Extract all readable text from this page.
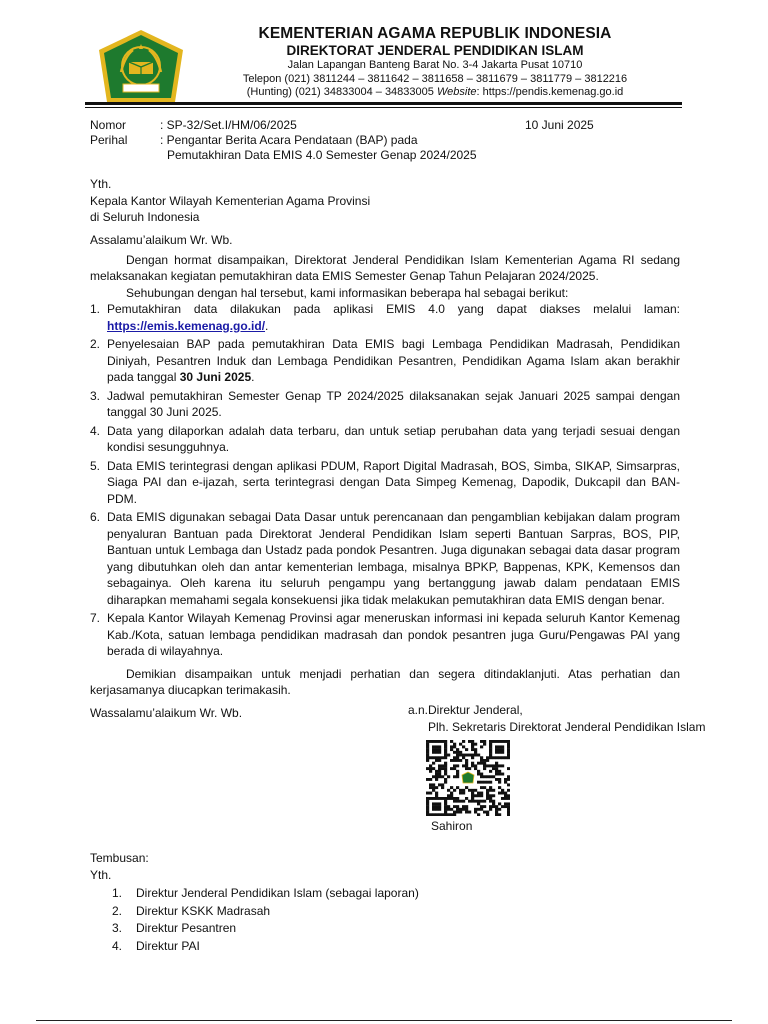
KEMENTERIAN AGAMA REPUBLIK INDONESIA
DIREKTORAT JENDERAL PENDIDIKAN ISLAM
Jalan Lapangan Banteng Barat No. 3-4 Jakarta Pusat 10710
Telepon (021) 3811244 – 3811642 – 3811658 – 3811679 – 3811779 – 3812216
(Hunting) (021) 34833004 – 34833005 Website: https://pendis.kemenag.go.id
Nomor	: SP-32/Set.I/HM/06/2025	10 Juni 2025
Perihal	: Pengantar Berita Acara Pendataan (BAP) pada
Pemutakhiran Data EMIS 4.0 Semester Genap 2024/2025
Yth.
Kepala Kantor Wilayah Kementerian Agama Provinsi
di Seluruh Indonesia
Assalamu’alaikum Wr. Wb.
Dengan hormat disampaikan, Direktorat Jenderal Pendidikan Islam Kementerian Agama RI sedang melaksanakan kegiatan pemutakhiran data EMIS Semester Genap Tahun Pelajaran 2024/2025.
Sehubungan dengan hal tersebut, kami informasikan beberapa hal sebagai berikut:
1. Pemutakhiran data dilakukan pada aplikasi EMIS 4.0 yang dapat diakses melalui laman: https://emis.kemenag.go.id/.
2. Penyelesaian BAP pada pemutakhiran Data EMIS bagi Lembaga Pendidikan Madrasah, Pendidikan Diniyah, Pesantren Induk dan Lembaga Pendidikan Pesantren, Pendidikan Agama Islam akan berakhir pada tanggal 30 Juni 2025.
3. Jadwal pemutakhiran Semester Genap TP 2024/2025 dilaksanakan sejak Januari 2025 sampai dengan tanggal 30 Juni 2025.
4. Data yang dilaporkan adalah data terbaru, dan untuk setiap perubahan data yang terjadi sesuai dengan kondisi sesungguhnya.
5. Data EMIS terintegrasi dengan aplikasi PDUM, Raport Digital Madrasah, BOS, Simba, SIKAP, Simsarpras, Siaga PAI dan e-ijazah, serta terintegrasi dengan Data Simpeg Kemenag, Dapodik, Dukcapil dan BAN-PDM.
6. Data EMIS digunakan sebagai Data Dasar untuk perencanaan dan pengamblian kebijakan dalam program penyaluran Bantuan pada Direktorat Jenderal Pendidikan Islam seperti Bantuan Sarpras, BOS, PIP, Bantuan untuk Lembaga dan Ustadz pada pondok Pesantren. Juga digunakan sebagai data dasar program yang dibutuhkan oleh dan antar kementerian lembaga, misalnya BPKP, Bappenas, KPK, Kemensos dan sebagainya. Oleh karena itu seluruh pengampu yang bertanggung jawab dalam pendataan EMIS diharapkan memahami segala konsekuensi jika tidak melakukan pemutakhiran data EMIS dengan benar.
7. Kepala Kantor Wilayah Kemenag Provinsi agar meneruskan informasi ini kepada seluruh Kantor Kemenag Kab./Kota, satuan lembaga pendidikan madrasah dan pondok pesantren juga Guru/Pengawas PAI yang berada di wilayahnya.
Demikian disampaikan untuk menjadi perhatian dan segera ditindaklanjuti. Atas perhatian dan kerjasamanya diucapkan terimakasih.
Wassalamu’alaikum Wr. Wb.	a.n.Direktur Jenderal,
Plh. Sekretaris Direktorat Jenderal Pendidikan Islam
Sahiron
Tembusan:
Yth.
1. Direktur Jenderal Pendidikan Islam (sebagai laporan)
2. Direktur KSKK Madrasah
3. Direktur Pesantren
4. Direktur PAI
